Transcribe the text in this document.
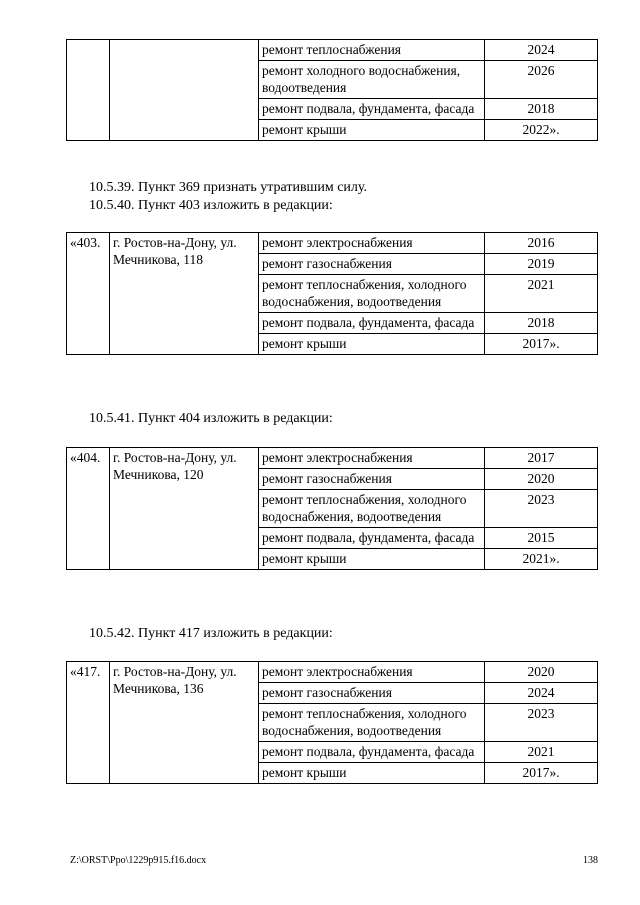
		ремонт теплоснабжения	2024
		ремонт холодного водоснабжения, водоотведения	2026
		ремонт подвала, фундамента, фасада	2018
		ремонт крыши	2022».
10.5.39. Пункт 369 признать утратившим силу.
10.5.40. Пункт 403 изложить в редакции:
«403.	г. Ростов-на-Дону, ул. Мечникова, 118	ремонт электроснабжения	2016
		ремонт газоснабжения	2019
		ремонт теплоснабжения, холодного водоснабжения, водоотведения	2021
		ремонт подвала, фундамента, фасада	2018
		ремонт крыши	2017».
10.5.41. Пункт 404 изложить в редакции:
«404.	г. Ростов-на-Дону, ул. Мечникова, 120	ремонт электроснабжения	2017
		ремонт газоснабжения	2020
		ремонт теплоснабжения, холодного водоснабжения, водоотведения	2023
		ремонт подвала, фундамента, фасада	2015
		ремонт крыши	2021».
10.5.42. Пункт 417 изложить в редакции:
«417.	г. Ростов-на-Дону, ул. Мечникова, 136	ремонт электроснабжения	2020
		ремонт газоснабжения	2024
		ремонт теплоснабжения, холодного водоснабжения, водоотведения	2023
		ремонт подвала, фундамента, фасада	2021
		ремонт крыши	2017».
Z:\ORST\Ppo\1229p915.f16.docx	138
